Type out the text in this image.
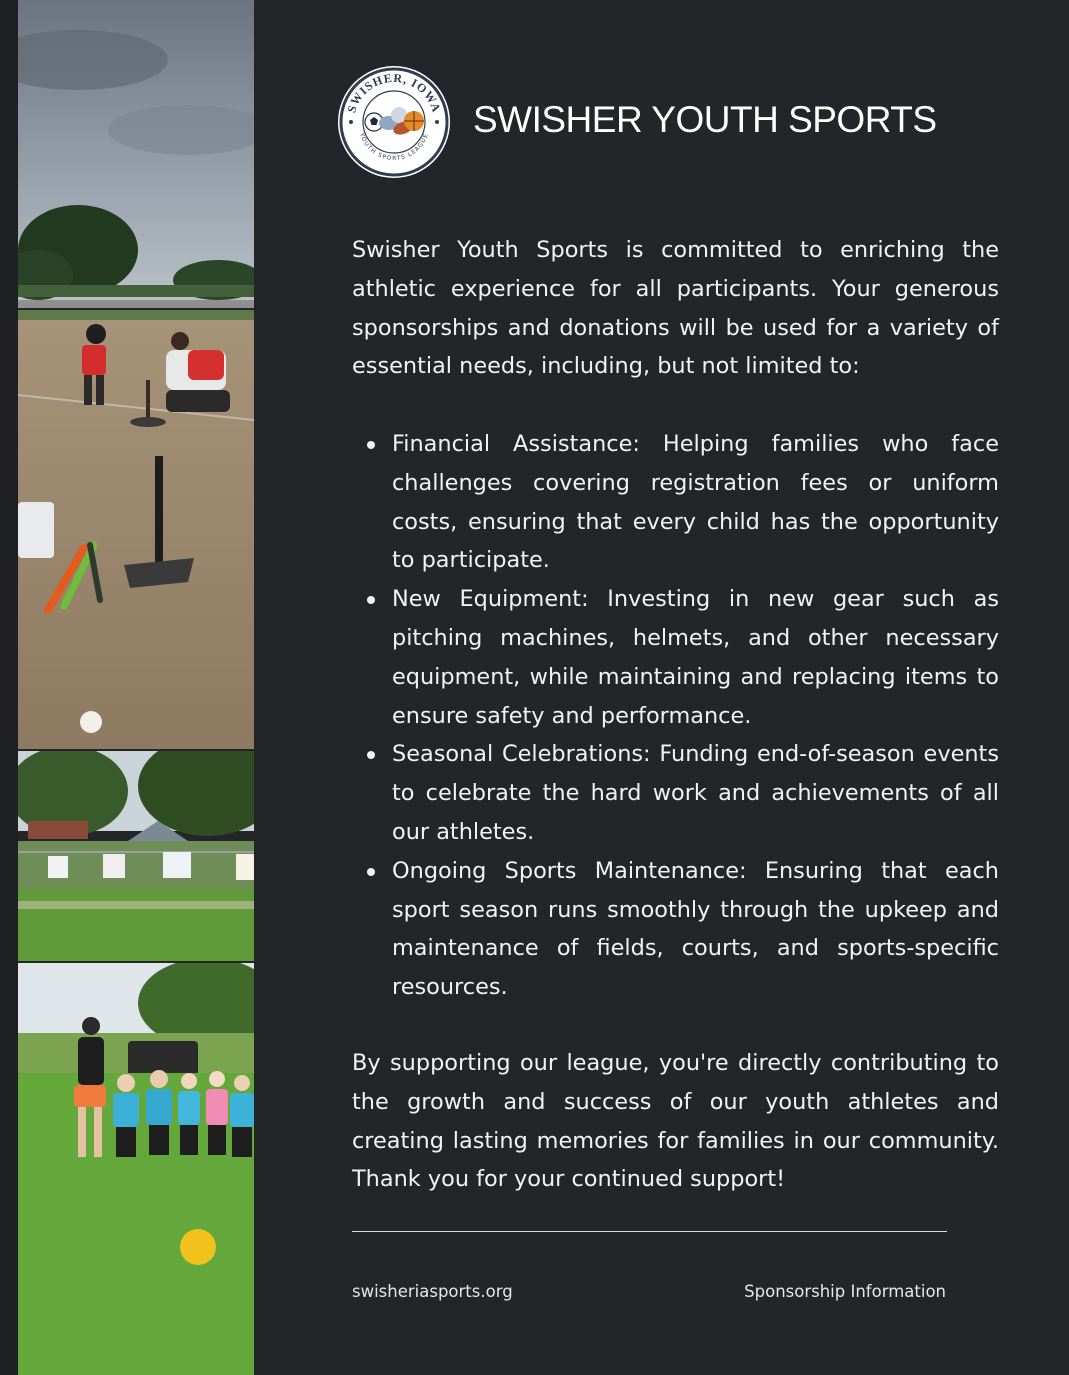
SWISHER, IOWA
YOUTH SPORTS LEAGUE SWISHER YOUTH SPORTS

Swisher Youth Sports is committed to enriching the athletic experience for all participants. Your generous sponsorships and donations will be used for a variety of essential needs, including, but not limited to:

Financial Assistance: Helping families who face challenges covering registration fees or uniform costs, ensuring that every child has the opportunity to participate.
New Equipment: Investing in new gear such as pitching machines, helmets, and other necessary equipment, while maintaining and replacing items to ensure safety and performance.
Seasonal Celebrations: Funding end-of-season events to celebrate the hard work and achievements of all our athletes.
Ongoing Sports Maintenance: Ensuring that each sport season runs smoothly through the upkeep and maintenance of fields, courts, and sports-specific resources.

By supporting our league, you're directly contributing to the growth and success of our youth athletes and creating lasting memories for families in our community. Thank you for your continued support!

swisheriasports.org	Sponsorship Information
